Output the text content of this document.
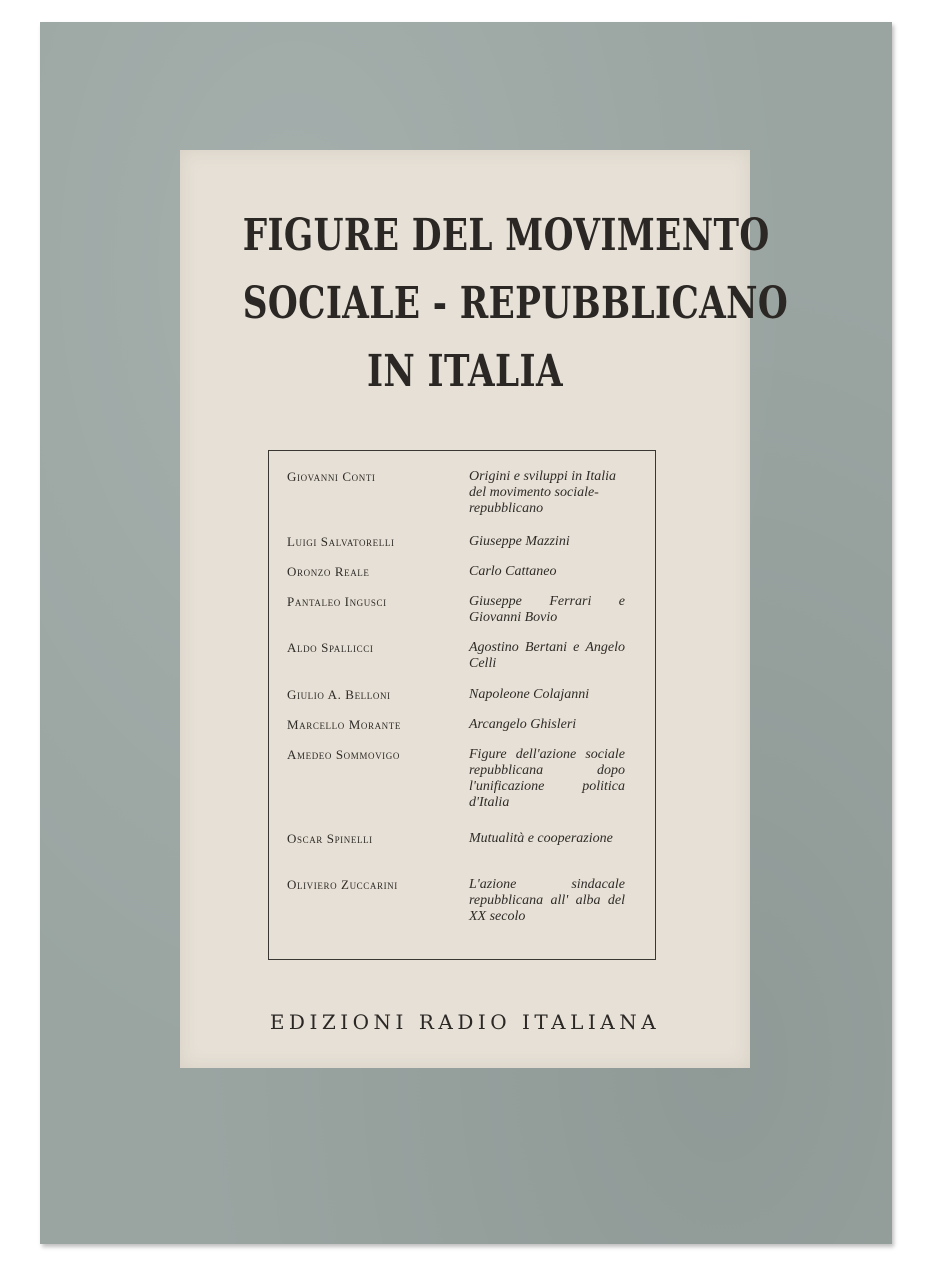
FIGURE DEL MOVIMENTO
SOCIALE - REPUBBLICANO
IN ITALIA
Giovanni Conti	Origini e sviluppi in Italia del movimento sociale-repubblicano
Luigi Salvatorelli	Giuseppe Mazzini
Oronzo Reale	Carlo Cattaneo
Pantaleo Ingusci	Giuseppe Ferrari e Giovanni Bovio
Aldo Spallicci	Agostino Bertani e Angelo Celli
Giulio A. Belloni	Napoleone Colajanni
Marcello Morante	Arcangelo Ghisleri
Amedeo Sommovigo	Figure dell'azione sociale repubblicana dopo l'unificazione politica d'Italia
Oscar Spinelli	Mutualità e cooperazione
Oliviero Zuccarini	L'azione sindacale repubblicana all' alba del XX secolo
EDIZIONI RADIO ITALIANA
